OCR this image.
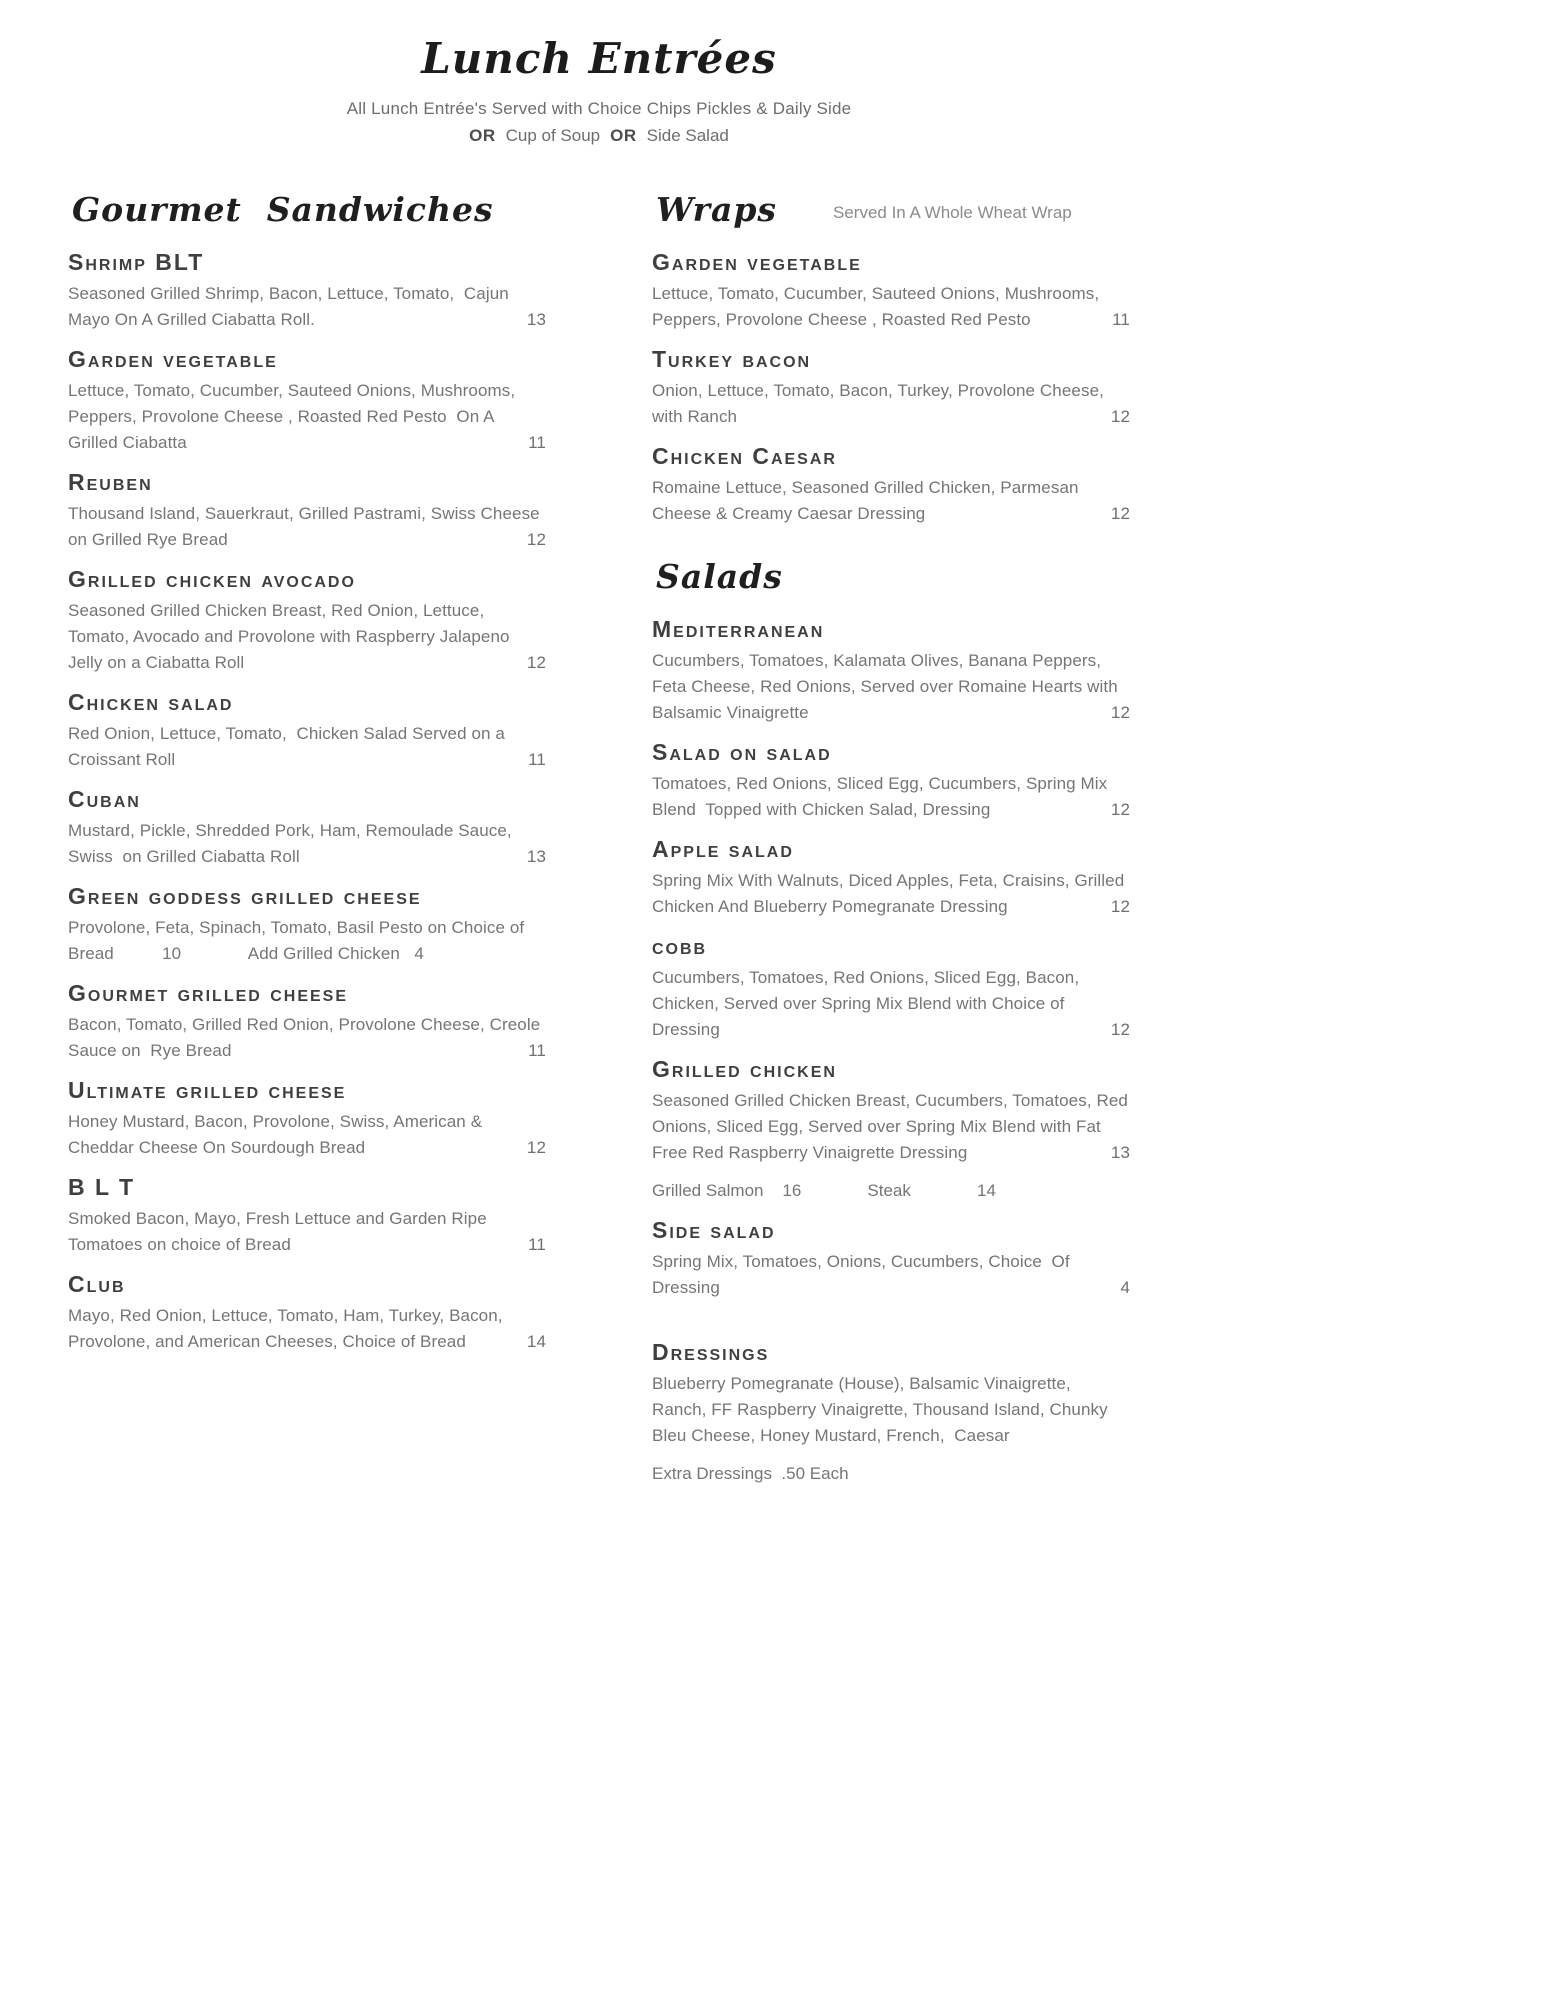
Lunch Entrées

All Lunch Entrée's Served with Choice Chips Pickles & Daily Side

OR Cup of Soup OR Side Salad

Gourmet  Sandwiches
Shrimp BLT

Seasoned Grilled Shrimp, Bacon, Lettuce, Tomato,  Cajun Mayo On A Grilled Ciabatta Roll.	13

Garden vegetable

Lettuce, Tomato, Cucumber, Sauteed Onions, Mushrooms, Peppers, Provolone Cheese , Roasted Red Pesto  On A Grilled Ciabatta	11

Reuben

Thousand Island, Sauerkraut, Grilled Pastrami, Swiss Cheese on Grilled Rye Bread	12

Grilled chicken avocado

Seasoned Grilled Chicken Breast, Red Onion, Lettuce, Tomato, Avocado and Provolone with Raspberry Jalapeno Jelly on a Ciabatta Roll	12

Chicken salad

Red Onion, Lettuce, Tomato,  Chicken Salad Served on a Croissant Roll	11

Cuban

Mustard, Pickle, Shredded Pork, Ham, Remoulade Sauce, Swiss  on Grilled Ciabatta Roll	13

Green goddess grilled cheese

Provolone, Feta, Spinach, Tomato, Basil Pesto on Choice of Bread          10              Add Grilled Chicken   4

Gourmet grilled cheese

Bacon, Tomato, Grilled Red Onion, Provolone Cheese, Creole Sauce on  Rye Bread	11

Ultimate grilled cheese

Honey Mustard, Bacon, Provolone, Swiss, American & Cheddar Cheese On Sourdough Bread	12

B L T

Smoked Bacon, Mayo, Fresh Lettuce and Garden Ripe Tomatoes on choice of Bread	11

Club

Mayo, Red Onion, Lettuce, Tomato, Ham, Turkey, Bacon, Provolone, and American Cheeses, Choice of Bread	14

Wraps	Served In A Whole Wheat Wrap
Garden vegetable

Lettuce, Tomato, Cucumber, Sauteed Onions, Mushrooms, Peppers, Provolone Cheese , Roasted Red Pesto	11

Turkey bacon

Onion, Lettuce, Tomato, Bacon, Turkey, Provolone Cheese, with Ranch	12

Chicken Caesar

Romaine Lettuce, Seasoned Grilled Chicken, Parmesan Cheese & Creamy Caesar Dressing	12

Salads
Mediterranean

Cucumbers, Tomatoes, Kalamata Olives, Banana Peppers, Feta Cheese, Red Onions, Served over Romaine Hearts with Balsamic Vinaigrette	12

Salad on salad

Tomatoes, Red Onions, Sliced Egg, Cucumbers, Spring Mix Blend  Topped with Chicken Salad, Dressing	12

Apple salad

Spring Mix With Walnuts, Diced Apples, Feta, Craisins, Grilled Chicken And Blueberry Pomegranate Dressing	12

cobb

Cucumbers, Tomatoes, Red Onions, Sliced Egg, Bacon, Chicken, Served over Spring Mix Blend with Choice of Dressing	12

Grilled chicken

Seasoned Grilled Chicken Breast, Cucumbers, Tomatoes, Red Onions, Sliced Egg, Served over Spring Mix Blend with Fat Free Red Raspberry Vinaigrette Dressing	13

Grilled Salmon    16              Steak              14

Side salad

Spring Mix, Tomatoes, Onions, Cucumbers, Choice  Of Dressing	4

Dressings

Blueberry Pomegranate (House), Balsamic Vinaigrette, Ranch, FF Raspberry Vinaigrette, Thousand Island, Chunky Bleu Cheese, Honey Mustard, French,  Caesar

Extra Dressings  .50 Each
